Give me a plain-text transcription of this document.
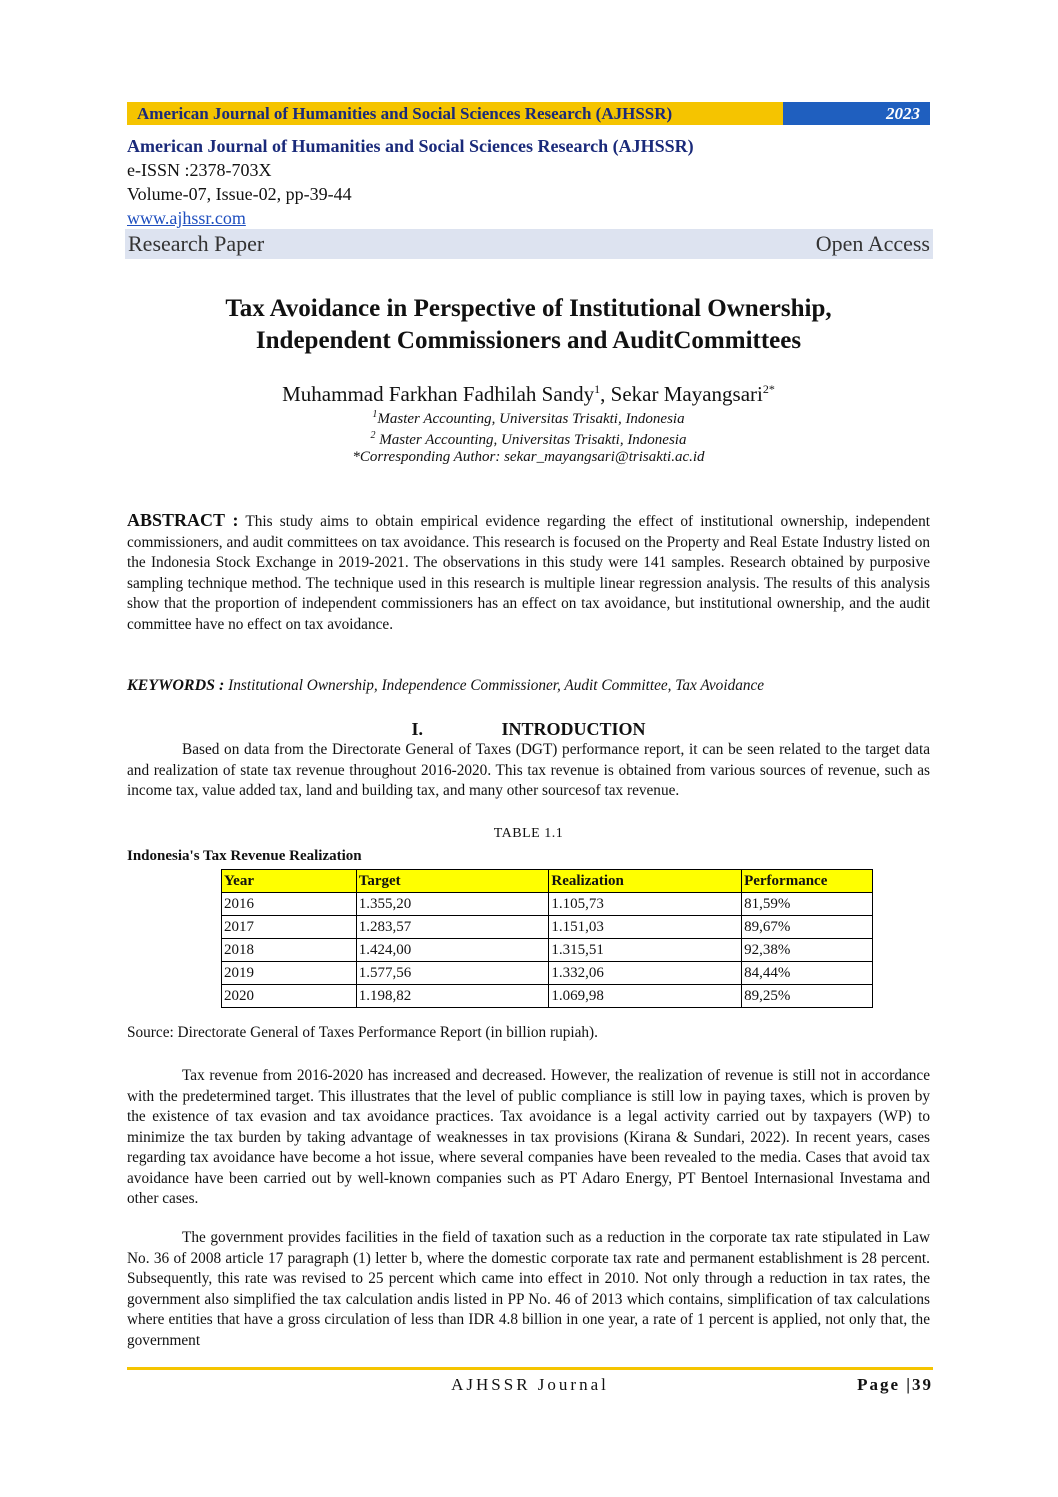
American Journal of Humanities and Social Sciences Research (AJHSSR)	2023
American Journal of Humanities and Social Sciences Research (AJHSSR)
e-ISSN :2378-703X
Volume-07, Issue-02, pp-39-44
www.ajhssr.com
Research Paper	Open Access
Tax Avoidance in Perspective of Institutional Ownership,
Independent Commissioners and AuditCommittees
Muhammad Farkhan Fadhilah Sandy$^1$, Sekar Mayangsari$^{2*}$
$^1$Master Accounting, Universitas Trisakti, Indonesia
$^2$ Master Accounting, Universitas Trisakti, Indonesia
*Corresponding Author: sekar_mayangsari@trisakti.ac.id
ABSTRACT : This study aims to obtain empirical evidence regarding the effect of institutional ownership, independent commissioners, and audit committees on tax avoidance. This research is focused on the Property and Real Estate Industry listed on the Indonesia Stock Exchange in 2019-2021. The observations in this study were 141 samples. Research obtained by purposive sampling technique method. The technique used in this research is multiple linear regression analysis. The results of this analysis show that the proportion of independent commissioners has an effect on tax avoidance, but institutional ownership, and the audit committee have no effect on tax avoidance.
KEYWORDS : Institutional Ownership, Independence Commissioner, Audit Committee, Tax Avoidance
I.	INTRODUCTION
Based on data from the Directorate General of Taxes (DGT) performance report, it can be seen related to the target data and realization of state tax revenue throughout 2016-2020. This tax revenue is obtained from various sources of revenue, such as income tax, value added tax, land and building tax, and many other sourcesof tax revenue.
TABLE 1.1
Indonesia's Tax Revenue Realization
Year	Target	Realization	Performance
2016	1.355,20	1.105,73	81,59%
2017	1.283,57	1.151,03	89,67%
2018	1.424,00	1.315,51	92,38%
2019	1.577,56	1.332,06	84,44%
2020	1.198,82	1.069,98	89,25%
Source: Directorate General of Taxes Performance Report (in billion rupiah).
Tax revenue from 2016-2020 has increased and decreased. However, the realization of revenue is still not in accordance with the predetermined target. This illustrates that the level of public compliance is still low in paying taxes, which is proven by the existence of tax evasion and tax avoidance practices. Tax avoidance is a legal activity carried out by taxpayers (WP) to minimize the tax burden by taking advantage of weaknesses in tax provisions (Kirana & Sundari, 2022). In recent years, cases regarding tax avoidance have become a hot issue, where several companies have been revealed to the media. Cases that avoid tax avoidance have been carried out by well-known companies such as PT Adaro Energy, PT Bentoel Internasional Investama and other cases.
The government provides facilities in the field of taxation such as a reduction in the corporate tax rate stipulated in Law No. 36 of 2008 article 17 paragraph (1) letter b, where the domestic corporate tax rate and permanent establishment is 28 percent. Subsequently, this rate was revised to 25 percent which came into effect in 2010. Not only through a reduction in tax rates, the government also simplified the tax calculation andis listed in PP No. 46 of 2013 which contains, simplification of tax calculations where entities that have a gross circulation of less than IDR 4.8 billion in one year, a rate of 1 percent is applied, not only that, the government
AJHSSR Journal	Page |39
